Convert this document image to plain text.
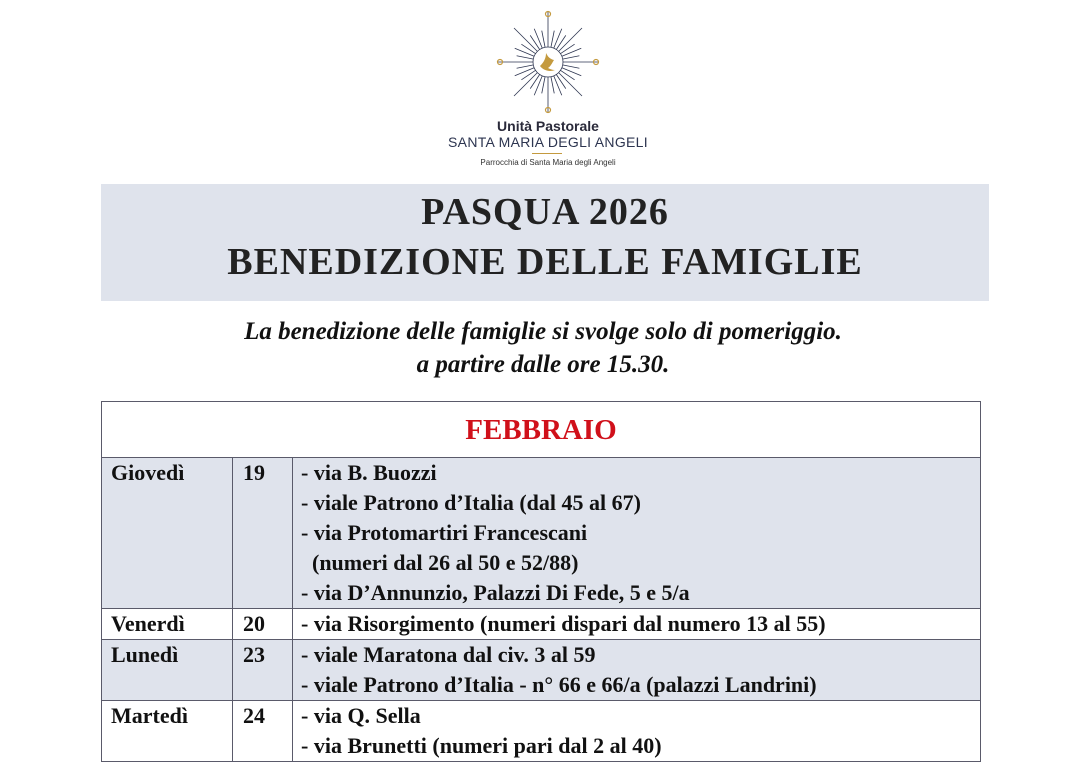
Unità Pastorale
SANTA MARIA DEGLI ANGELI
Parrocchia di Santa Maria degli Angeli
PASQUA 2026
BENEDIZIONE DELLE FAMIGLIE
La benedizione delle famiglie si svolge solo di pomeriggio.
a partire dalle ore 15.30.
FEBBRAIO		
Giovedì	19	- via B. Buozzi
- viale Patrono d’Italia (dal 45 al 67)
- via Protomartiri Francescani
(numeri dal 26 al 50 e 52/88)
- via D’Annunzio, Palazzi Di Fede, 5 e 5/a

Venerdì	20	- via Risorgimento (numeri dispari dal numero 13 al 55)

Lunedì	23	- viale Maratona dal civ. 3 al 59
- viale Patrono d’Italia - n° 66 e 66/a (palazzi Landrini)

Martedì	24	- via Q. Sella
- via Brunetti (numeri pari dal 2 al 40)
